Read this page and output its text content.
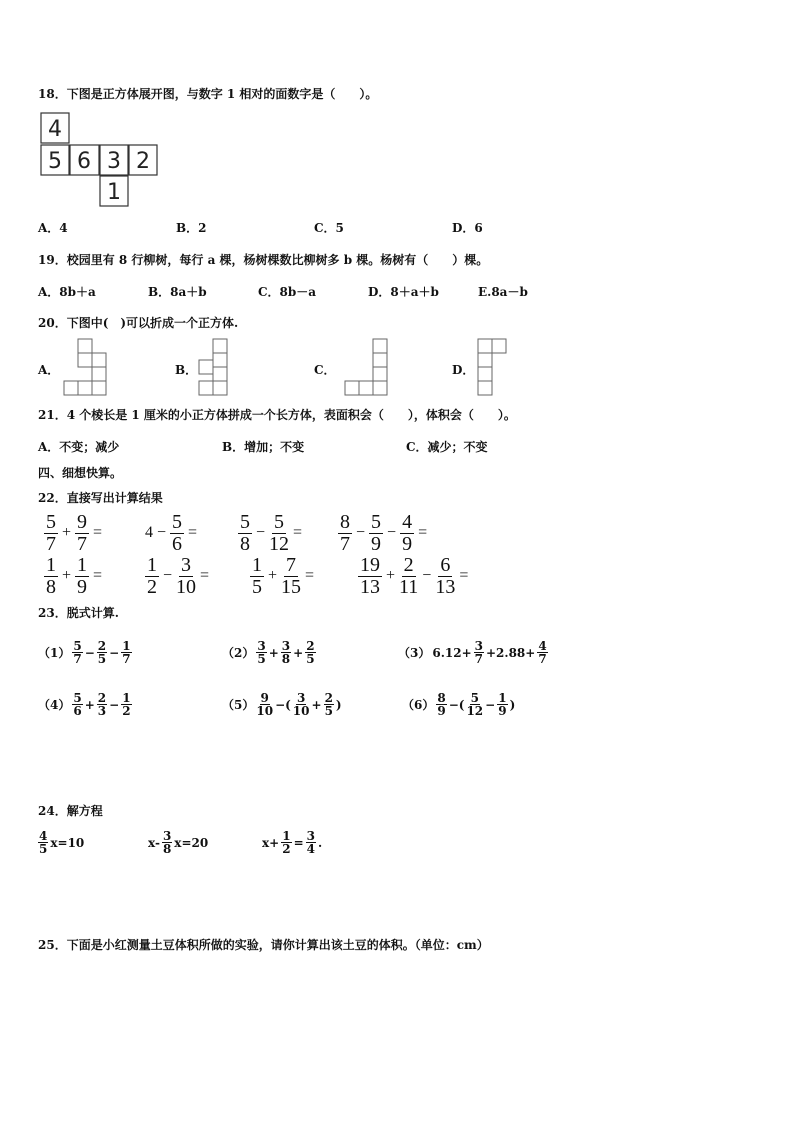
18．下图是正方体展开图，与数字 1 相对的面数字是（　　）。
4
5 6 3 2
1
A．4	B．2	C．5	D．6
19．校园里有 8 行柳树，每行 a 棵，杨树棵数比柳树多 b 棵。杨树有（　　）棵。
A．8b＋a	B．8a＋b	C．8b－a	D．8＋a＋b	E.8a－b
20．下图中(　)可以折成一个正方体.
A．	B．	C．	D．
21．4 个棱长是 1 厘米的小正方体拼成一个长方体，表面积会（　　），体积会（　　）。
A．不变；减少	B．增加；不变	C．减少；不变
四、细想快算。
22．直接写出计算结果
$\frac{5}{7} + \frac{9}{7}$ =	$4 - \frac{5}{6} = \frac{5}{8} - \frac{5}{12} = \frac{8}{7} - \frac{5}{9} - \frac{4}{9}$ =
$\frac{1}{8} + \frac{1}{9} = \frac{1}{2} - \frac{3}{10} = \frac{1}{5} + \frac{7}{15} = \frac{19}{13} + \frac{2}{11} - \frac{6}{13}$ =
23．脱式计算.
$(1) \frac{5}{7} - \frac{2}{5} - \frac{1}{7}$	$(2) \frac{3}{5} + \frac{3}{8} + \frac{2}{5}$	（3） $6.12+ \frac{3}{7} +2.88+ \frac{4}{7}$
$(4) \frac{5}{6} + \frac{2}{3} - \frac{1}{2}$	$(5) \frac{9}{10}$ −( $\frac{3}{10} + \frac{2}{5}$ )	$(6) \frac{8}{9}$ −( $\frac{5}{12} - \frac{1}{9}$ )
24．解方程
$\frac{4}{5} x=10$	$x- \frac{3}{8} x=20$	$x+ \frac{1}{2} = \frac{3}{4}$ .
25．下面是小红测量土豆体积所做的实验，请你计算出该土豆的体积。（单位：cm）
